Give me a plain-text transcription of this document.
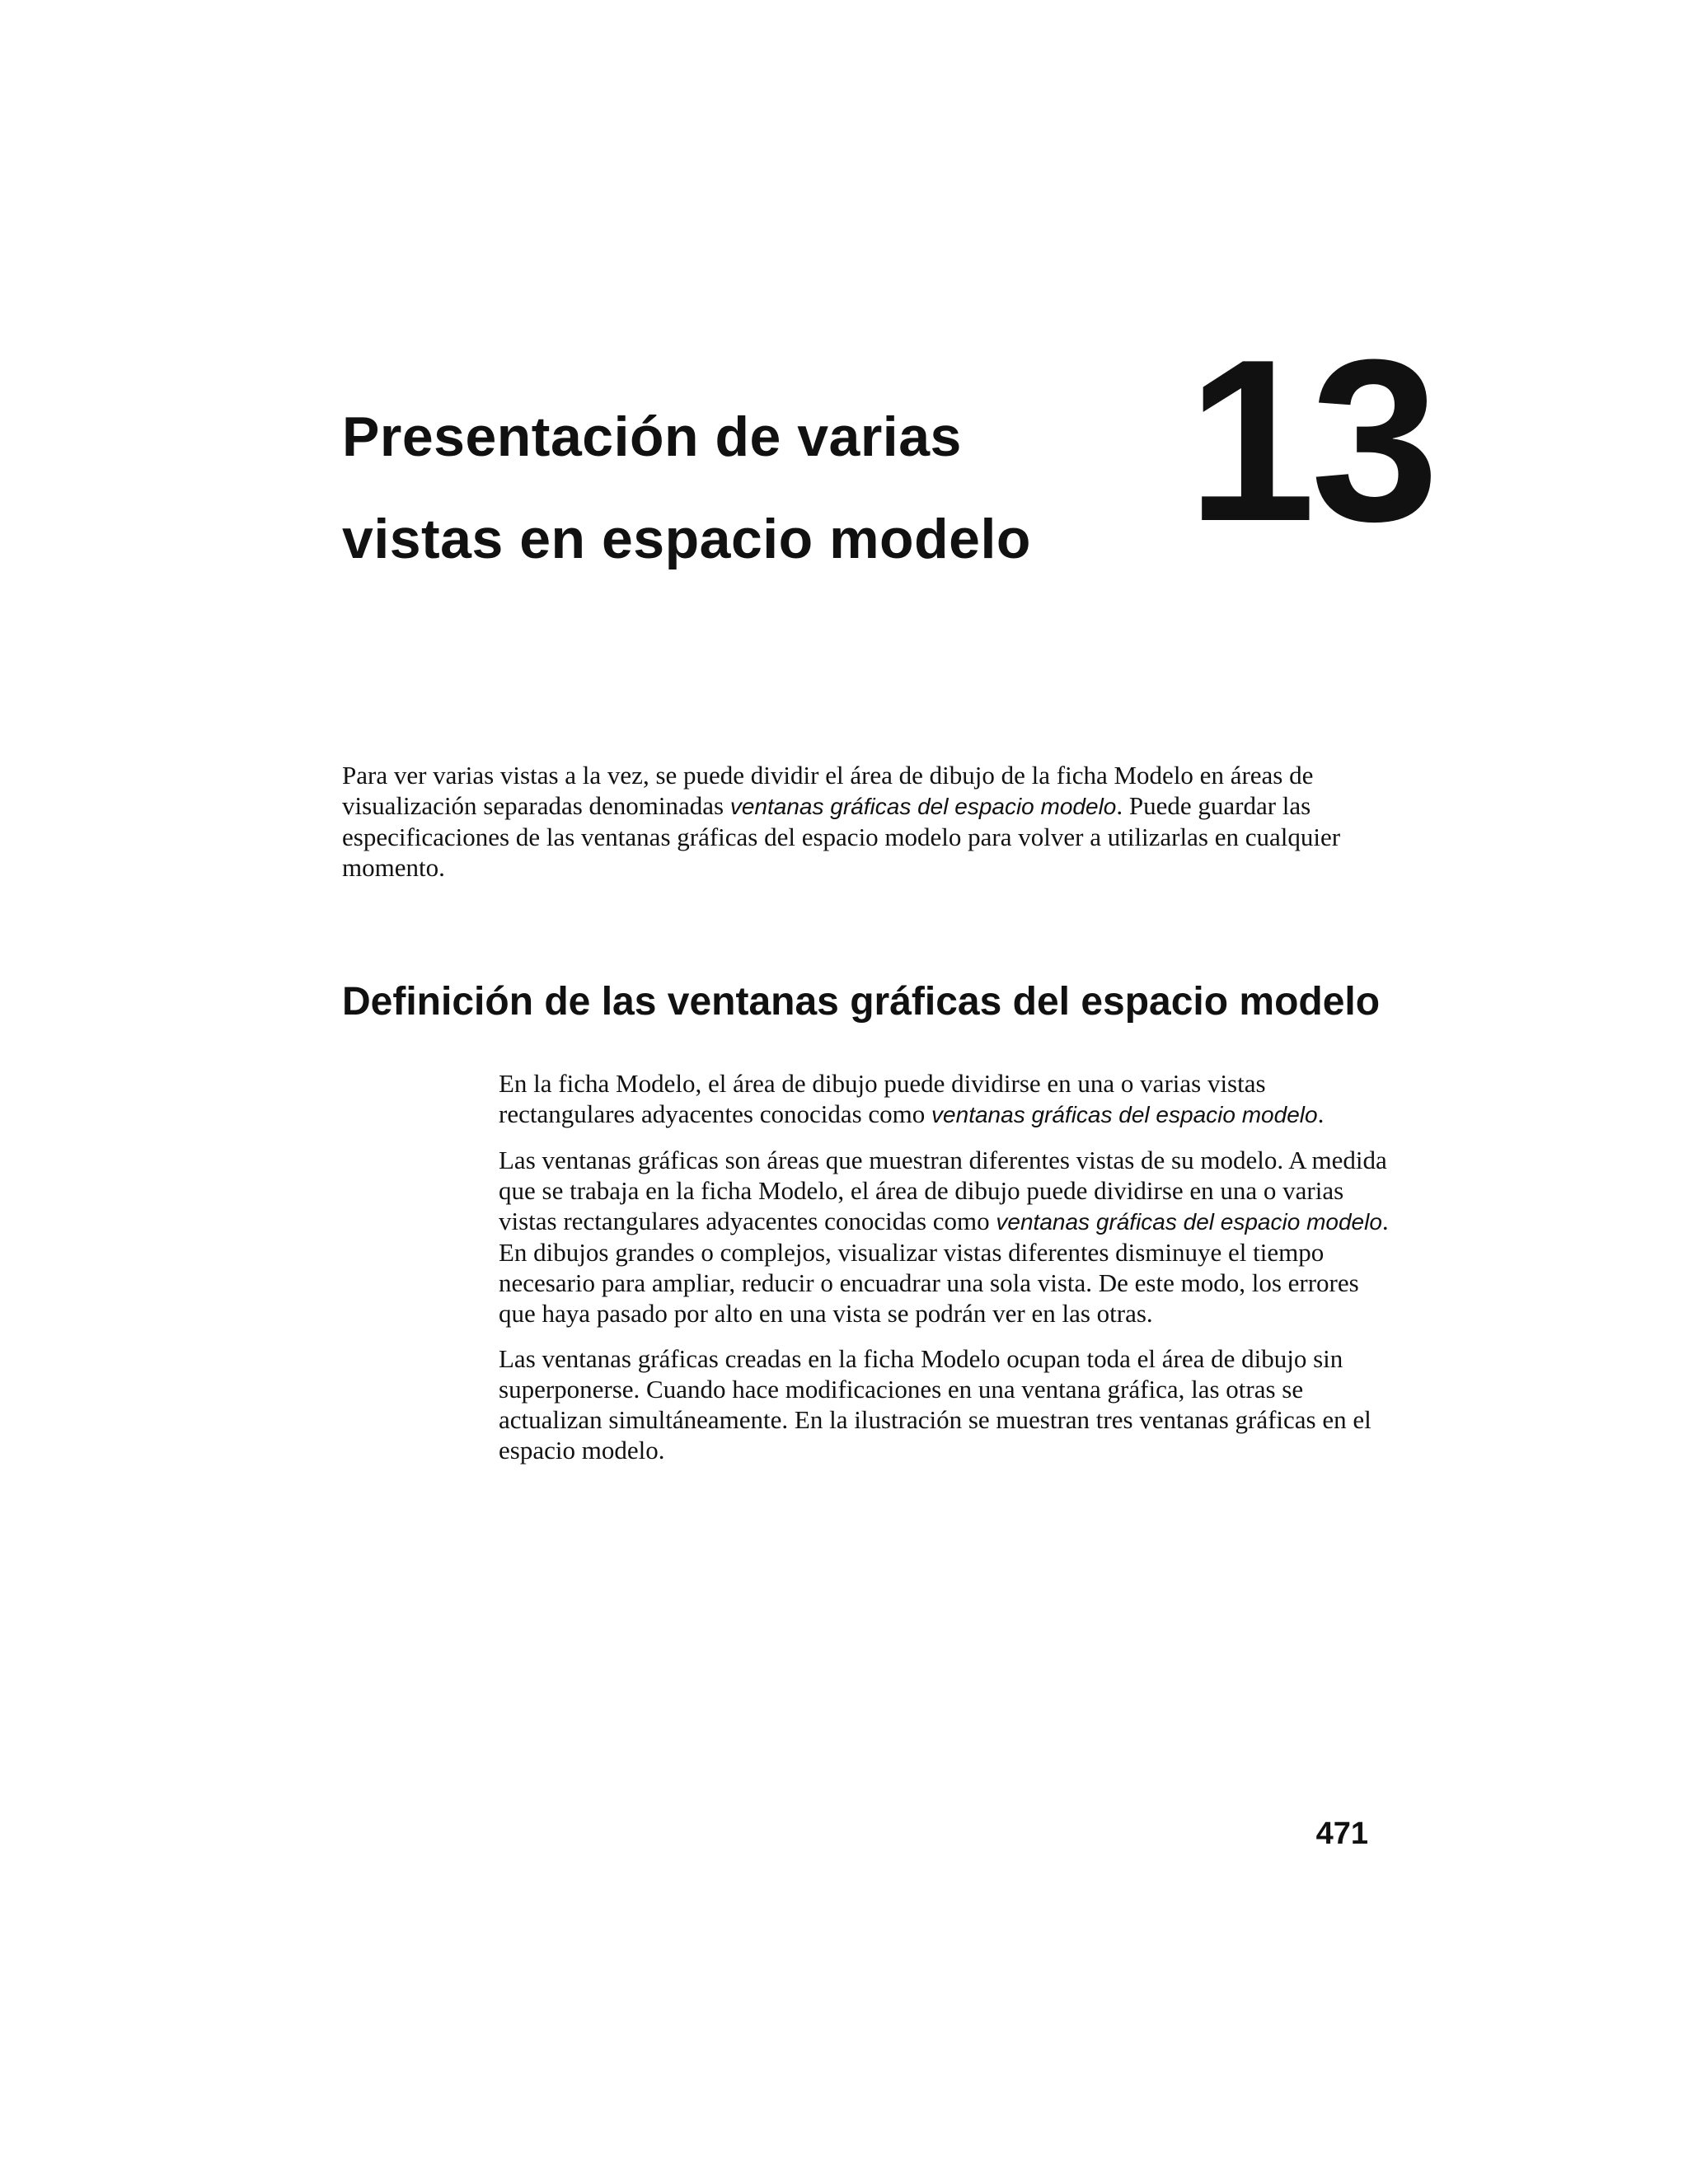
Presentación de varias
vistas en espacio modelo 13

Para ver varias vistas a la vez, se puede dividir el área de dibujo de la ficha Modelo en áreas de visualización separadas denominadas ventanas gráficas del espacio modelo. Puede guardar las especificaciones de las ventanas gráficas del espacio modelo para volver a utilizarlas en cualquier momento.

Definición de las ventanas gráficas del espacio modelo

En la ficha Modelo, el área de dibujo puede dividirse en una o varias vistas rectangulares adyacentes conocidas como ventanas gráficas del espacio modelo.

Las ventanas gráficas son áreas que muestran diferentes vistas de su modelo. A medida que se trabaja en la ficha Modelo, el área de dibujo puede dividirse en una o varias vistas rectangulares adyacentes conocidas como ventanas gráficas del espacio modelo. En dibujos grandes o complejos, visualizar vistas diferentes disminuye el tiempo necesario para ampliar, reducir o encuadrar una sola vista. De este modo, los errores que haya pasado por alto en una vista se podrán ver en las otras.

Las ventanas gráficas creadas en la ficha Modelo ocupan toda el área de dibujo sin superponerse. Cuando hace modificaciones en una ventana gráfica, las otras se actualizan simultáneamente. En la ilustración se muestran tres ventanas gráficas en el espacio modelo.

471
